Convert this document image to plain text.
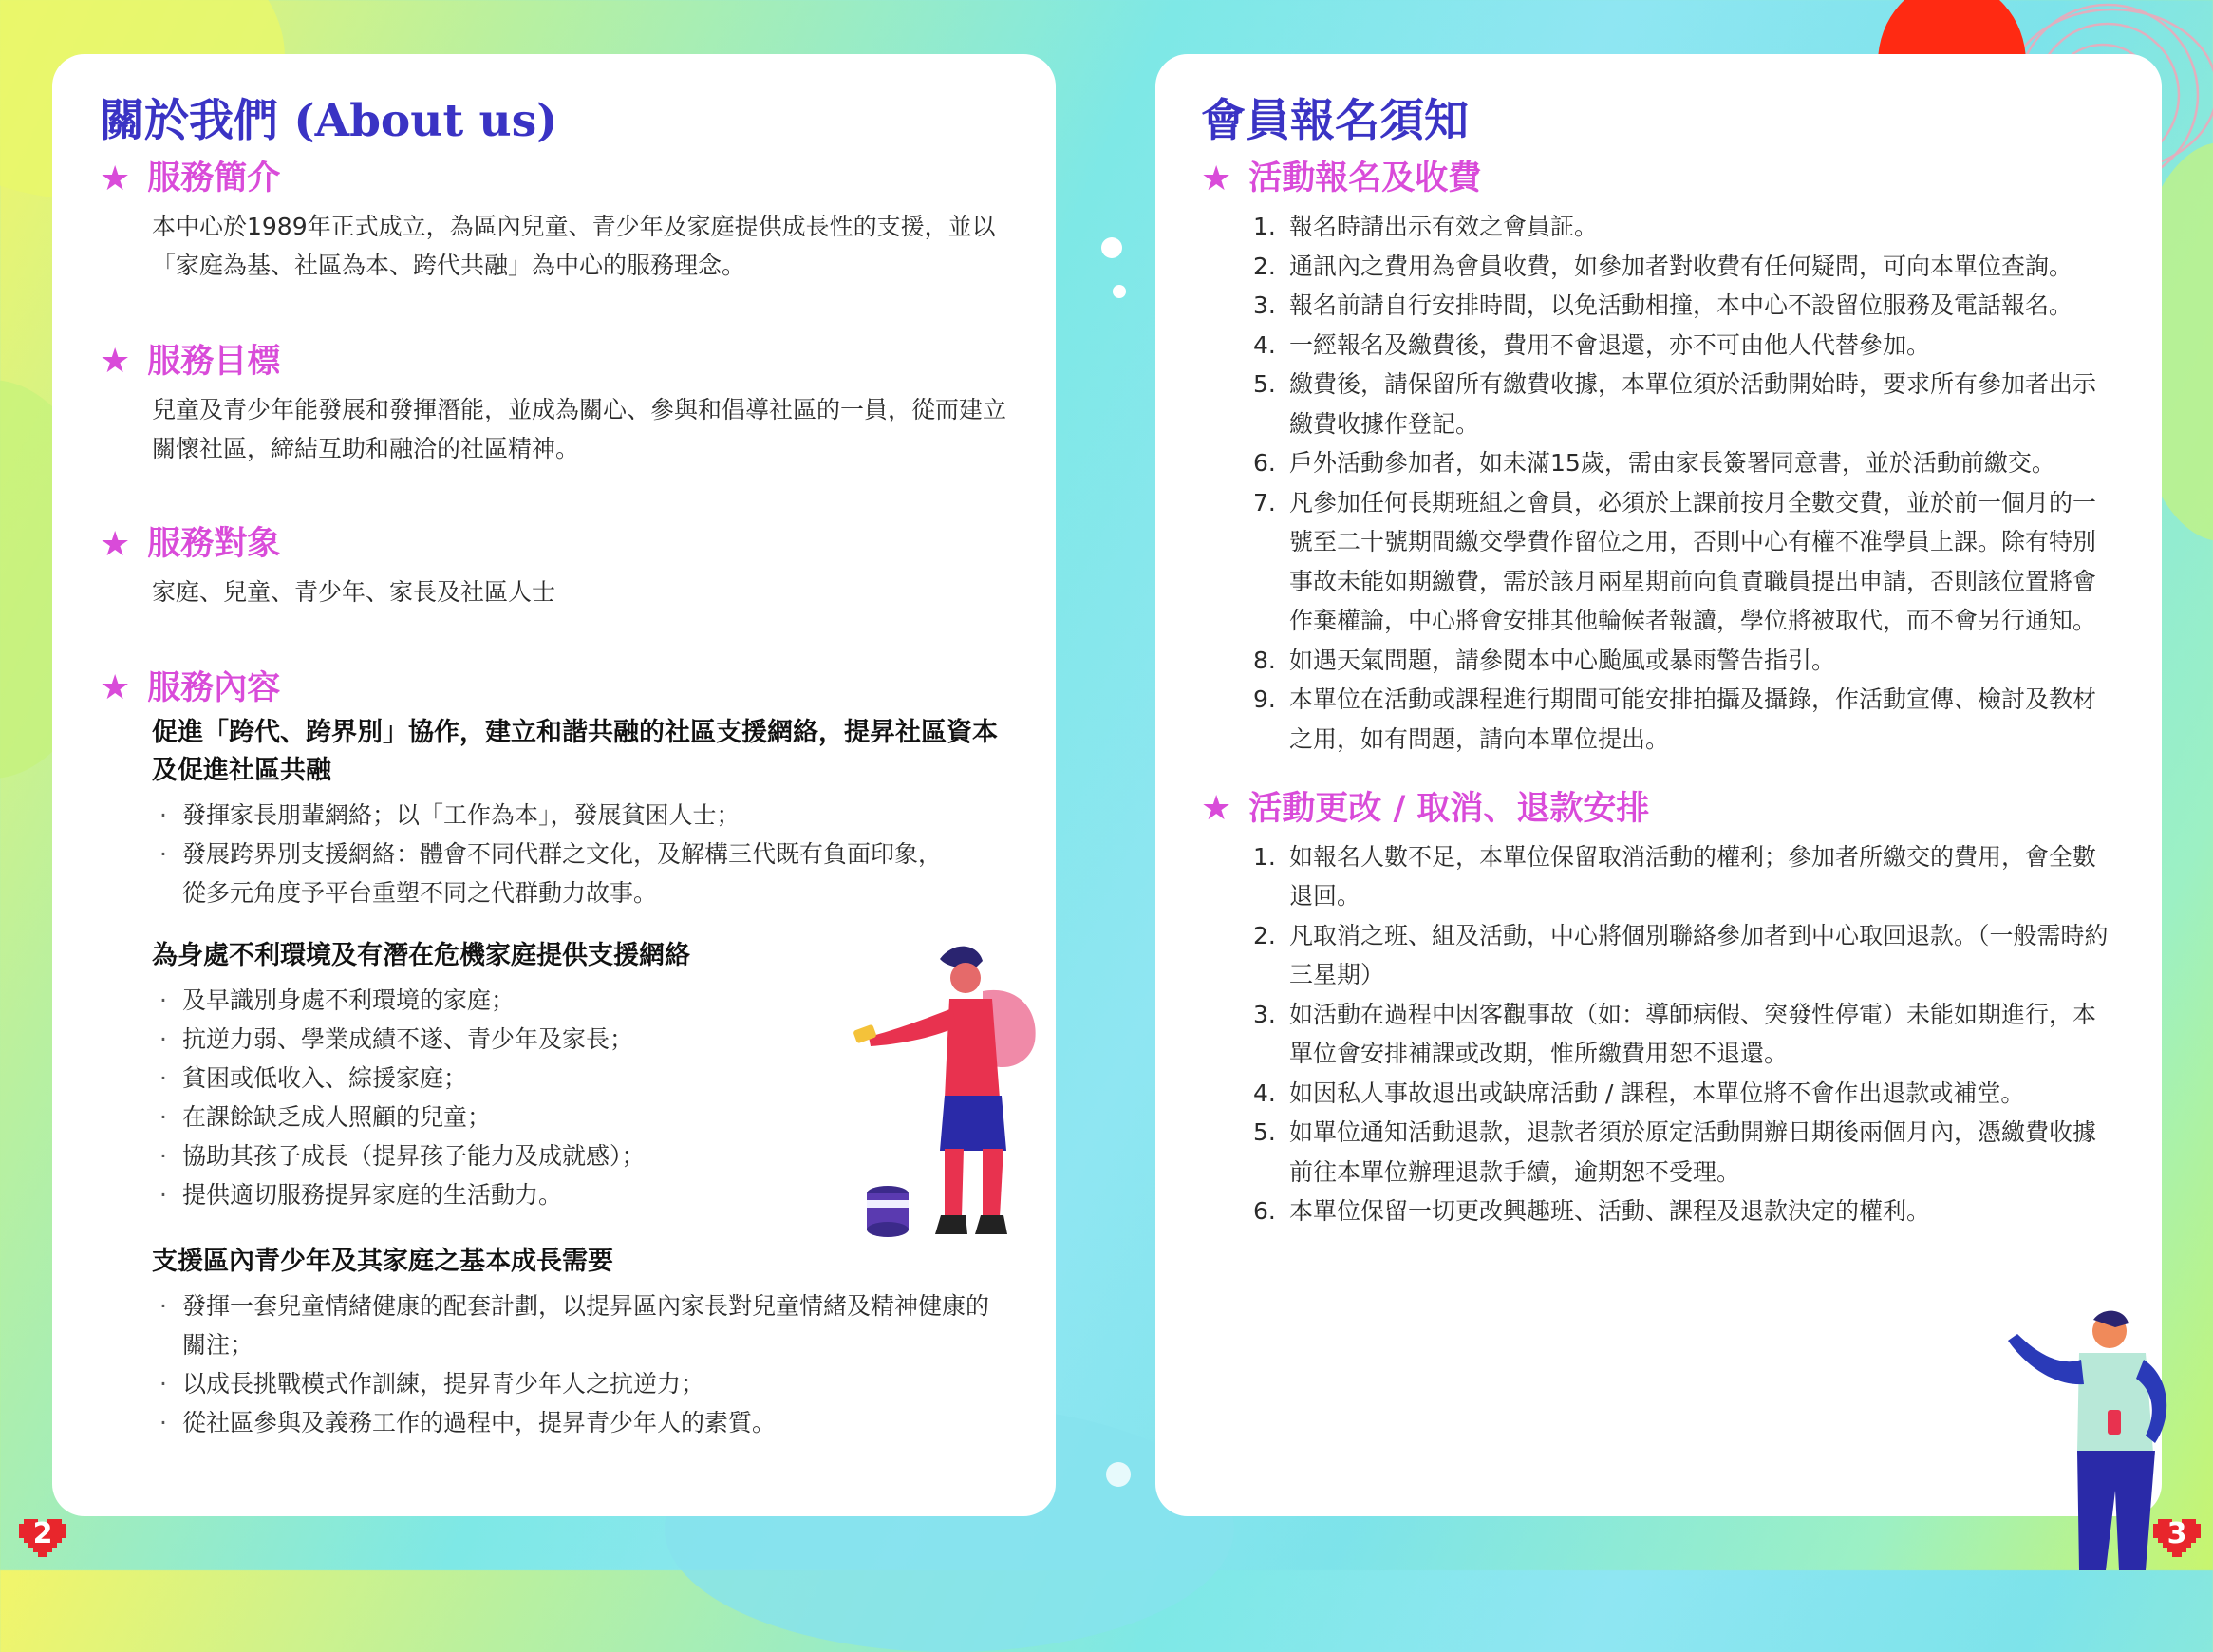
關於我們 (About us)
★ 服務簡介

本中心於1989年正式成立，為區內兒童、青少年及家庭提供成長性的支援，並以「家庭為基、社區為本、跨代共融」為中心的服務理念。

★ 服務目標

兒童及青少年能發展和發揮潛能，並成為關心、參與和倡導社區的一員，從而建立關懷社區，締結互助和融洽的社區精神。

★ 服務對象

家庭、兒童、青少年、家長及社區人士

★ 服務內容
促進「跨代、跨界別」協作，建立和諧共融的社區支援網絡，提昇社區資本及促進社區共融
· 發揮家長朋輩網絡；以「工作為本」，發展貧困人士；
· 發展跨界別支援網絡：體會不同代群之文化，及解構三代既有負面印象，從多元角度予平台重塑不同之代群動力故事。
為身處不利環境及有潛在危機家庭提供支援網絡
· 及早識別身處不利環境的家庭；
· 抗逆力弱、學業成績不遂、青少年及家長；
· 貧困或低收入、綜援家庭；
· 在課餘缺乏成人照顧的兒童；
· 協助其孩子成長（提昇孩子能力及成就感）；
· 提供適切服務提昇家庭的生活動力。
支援區內青少年及其家庭之基本成長需要
· 發揮一套兒童情緒健康的配套計劃，以提昇區內家長對兒童情緒及精神健康的關注；
· 以成長挑戰模式作訓練，提昇青少年人之抗逆力；
· 從社區參與及義務工作的過程中，提昇青少年人的素質。
會員報名須知
★ 活動報名及收費
1. 報名時請出示有效之會員証。
2. 通訊內之費用為會員收費，如參加者對收費有任何疑問，可向本單位查詢。
3. 報名前請自行安排時間，以免活動相撞，本中心不設留位服務及電話報名。
4. 一經報名及繳費後，費用不會退還，亦不可由他人代替參加。
5. 繳費後，請保留所有繳費收據，本單位須於活動開始時，要求所有參加者出示繳費收據作登記。
6. 戶外活動參加者，如未滿15歲，需由家長簽署同意書，並於活動前繳交。
7. 凡參加任何長期班組之會員，必須於上課前按月全數交費，並於前一個月的一號至二十號期間繳交學費作留位之用，否則中心有權不准學員上課。除有特別事故未能如期繳費，需於該月兩星期前向負責職員提出申請，否則該位置將會作棄權論，中心將會安排其他輪候者報讀，學位將被取代，而不會另行通知。
8. 如遇天氣問題，請參閱本中心颱風或暴雨警告指引。
9. 本單位在活動或課程進行期間可能安排拍攝及攝錄，作活動宣傳、檢討及教材之用，如有問題，請向本單位提出。
★ 活動更改 / 取消、退款安排
1. 如報名人數不足，本單位保留取消活動的權利；參加者所繳交的費用，會全數退回。
2. 凡取消之班、組及活動，中心將個別聯絡參加者到中心取回退款。（一般需時約三星期）
3. 如活動在過程中因客觀事故（如：導師病假、突發性停電）未能如期進行，本單位會安排補課或改期，惟所繳費用恕不退還。
4. 如因私人事故退出或缺席活動 / 課程，本單位將不會作出退款或補堂。
5. 如單位通知活動退款，退款者須於原定活動開辦日期後兩個月內，憑繳費收據前往本單位辦理退款手續，逾期恕不受理。
6. 本單位保留一切更改興趣班、活動、課程及退款決定的權利。
2	3
